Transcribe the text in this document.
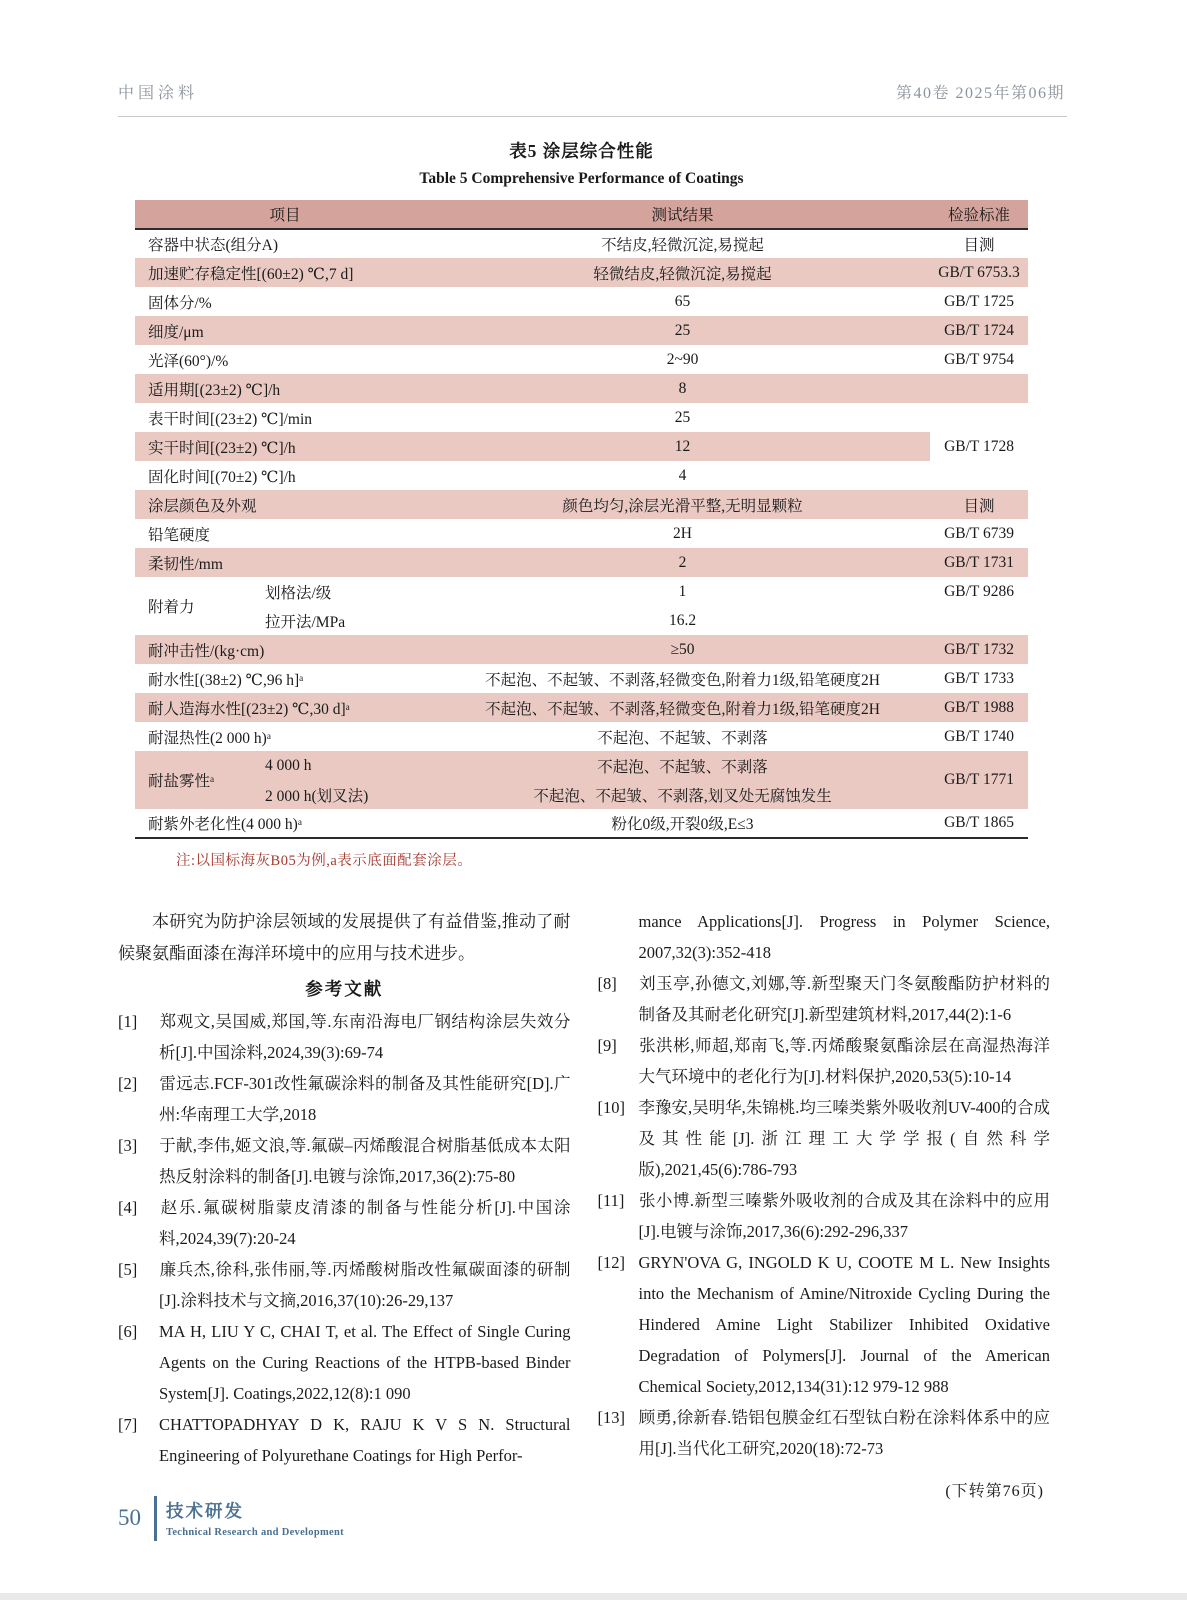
中国涂料	第40卷 2025年第06期
表5 涂层综合性能
Table 5 Comprehensive Performance of Coatings
项目		测试结果	检验标准
容器中状态(组分A)		不结皮,轻微沉淀,易搅起	目测
加速贮存稳定性[(60±2) ℃,7 d]		轻微结皮,轻微沉淀,易搅起	GB/T 6753.3
固体分/%		65	GB/T 1725
细度/μm		25	GB/T 1724
光泽(60°)/%		2~90	GB/T 9754
适用期[(23±2) ℃]/h		8	
表干时间[(23±2) ℃]/min		25	
实干时间[(23±2) ℃]/h		12	GB/T 1728
固化时间[(70±2) ℃]/h		4	
涂层颜色及外观		颜色均匀,涂层光滑平整,无明显颗粒	目测
铅笔硬度		2H	GB/T 6739
柔韧性/mm		2	GB/T 1731
附着力	划格法/级	1	GB/T 9286
	拉开法/MPa	16.2	
耐冲击性/(kg·cm)		≥50	GB/T 1732
耐水性[(38±2) ℃,96 h]ᵃ		不起泡、不起皱、不剥落,轻微变色,附着力1级,铅笔硬度2H	GB/T 1733
耐人造海水性[(23±2) ℃,30 d]ᵃ		不起泡、不起皱、不剥落,轻微变色,附着力1级,铅笔硬度2H	GB/T 1988
耐湿热性(2 000 h)ᵃ		不起泡、不起皱、不剥落	GB/T 1740
耐盐雾性ᵃ	4 000 h	不起泡、不起皱、不剥落	GB/T 1771
	2 000 h(划叉法)	不起泡、不起皱、不剥落,划叉处无腐蚀发生	
耐紫外老化性(4 000 h)ᵃ		粉化0级,开裂0级,E≤3	GB/T 1865
注:以国标海灰B05为例,a表示底面配套涂层。

本研究为防护涂层领域的发展提供了有益借鉴,推动了耐候聚氨酯面漆在海洋环境中的应用与技术进步。

参考文献
[1] 郑观文,吴国威,郑国,等.东南沿海电厂钢结构涂层失效分析[J].中国涂料,2024,39(3):69-74
[2] 雷远志.FCF-301改性氟碳涂料的制备及其性能研究[D].广州:华南理工大学,2018
[3] 于献,李伟,姬文浪,等.氟碳–丙烯酸混合树脂基低成本太阳热反射涂料的制备[J].电镀与涂饰,2017,36(2):75-80
[4] 赵乐.氟碳树脂蒙皮清漆的制备与性能分析[J].中国涂料,2024,39(7):20-24
[5] 廉兵杰,徐科,张伟丽,等.丙烯酸树脂改性氟碳面漆的研制[J].涂料技术与文摘,2016,37(10):26-29,137
[6] MA H, LIU Y C, CHAI T, et al. The Effect of Single Curing Agents on the Curing Reactions of the HTPB-based Binder System[J]. Coatings,2022,12(8):1 090
[7] CHATTOPADHYAY D K, RAJU K V S N. Structural Engineering of Polyurethane Coatings for High Perfor-
mance Applications[J]. Progress in Polymer Science, 2007,32(3):352-418
[8] 刘玉亭,孙德文,刘娜,等.新型聚天门冬氨酸酯防护材料的制备及其耐老化研究[J].新型建筑材料,2017,44(2):1-6
[9] 张洪彬,师超,郑南飞,等.丙烯酸聚氨酯涂层在高湿热海洋大气环境中的老化行为[J].材料保护,2020,53(5):10-14
[10] 李豫安,吴明华,朱锦桃.均三嗪类紫外吸收剂UV-400的合成及其性能[J].浙江理工大学学报(自然科学版),2021,45(6):786-793
[11] 张小博.新型三嗪紫外吸收剂的合成及其在涂料中的应用[J].电镀与涂饰,2017,36(6):292-296,337
[12] GRYN'OVA G, INGOLD K U, COOTE M L. New Insights into the Mechanism of Amine/Nitroxide Cycling During the Hindered Amine Light Stabilizer Inhibited Oxidative Degradation of Polymers[J]. Journal of the American Chemical Society,2012,134(31):12 979-12 988
[13] 顾勇,徐新春.锆铝包膜金红石型钛白粉在涂料体系中的应用[J].当代化工研究,2020(18):72-73
(下转第76页)
50 技术研发
Technical Research and Development
